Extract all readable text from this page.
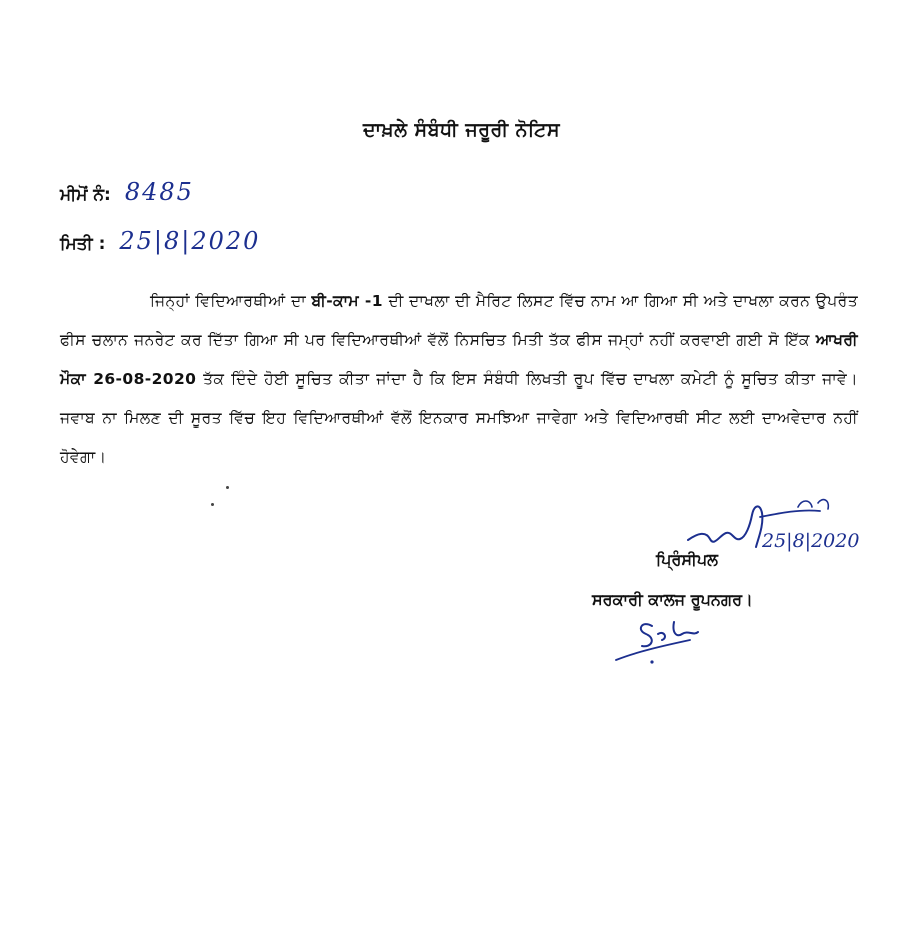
ਦਾਖ਼ਲੇ ਸੰਬੰਧੀ ਜਰੂਰੀ ਨੋਟਿਸ
ਮੀਮੋਂ ਨੰ: 8485
ਮਿਤੀ : 25|8|2020
ਜਿਨ੍ਹਾਂ ਵਿਦਿਆਰਥੀਆਂ ਦਾ ਬੀ-ਕਾਮ -1 ਦੀ ਦਾਖਲਾ ਦੀ ਮੈਰਿਟ ਲਿਸਟ ਵਿੱਚ ਨਾਮ ਆ ਗਿਆ ਸੀ ਅਤੇ ਦਾਖਲਾ ਕਰਨ ਉਪਰੰਤ ਫੀਸ ਚਲਾਨ ਜਨਰੇਟ ਕਰ ਦਿੱਤਾ ਗਿਆ ਸੀ ਪਰ ਵਿਦਿਆਰਥੀਆਂ ਵੱਲੋਂ ਨਿਸਚਿਤ ਮਿਤੀ ਤੱਕ ਫੀਸ ਜਮ੍ਹਾਂ ਨਹੀਂ ਕਰਵਾਈ ਗਈ ਸੋ ਇੱਕ ਆਖਰੀ ਮੌਕਾ 26-08-2020 ਤੱਕ ਦਿੰਦੇ ਹੋਈ ਸੂਚਿਤ ਕੀਤਾ ਜਾਂਦਾ ਹੈ ਕਿ ਇਸ ਸੰਬੰਧੀ ਲਿਖਤੀ ਰੂਪ ਵਿੱਚ ਦਾਖਲਾ ਕਮੇਟੀ ਨੂੰ ਸੂਚਿਤ ਕੀਤਾ ਜਾਵੇ। ਜਵਾਬ ਨਾ ਮਿਲਣ ਦੀ ਸੂਰਤ ਵਿੱਚ ਇਹ ਵਿਦਿਆਰਥੀਆਂ ਵੱਲੋਂ ਇਨਕਾਰ ਸਮਝਿਆ ਜਾਵੇਗਾ ਅਤੇ ਵਿਦਿਆਰਥੀ ਸੀਟ ਲਈ ਦਾਅਵੇਦਾਰ ਨਹੀਂ ਹੋਵੇਗਾ।
25|8|2020
ਪ੍ਰਿੰਸੀਪਲ
ਸਰਕਾਰੀ ਕਾਲਜ ਰੂਪਨਗਰ।
